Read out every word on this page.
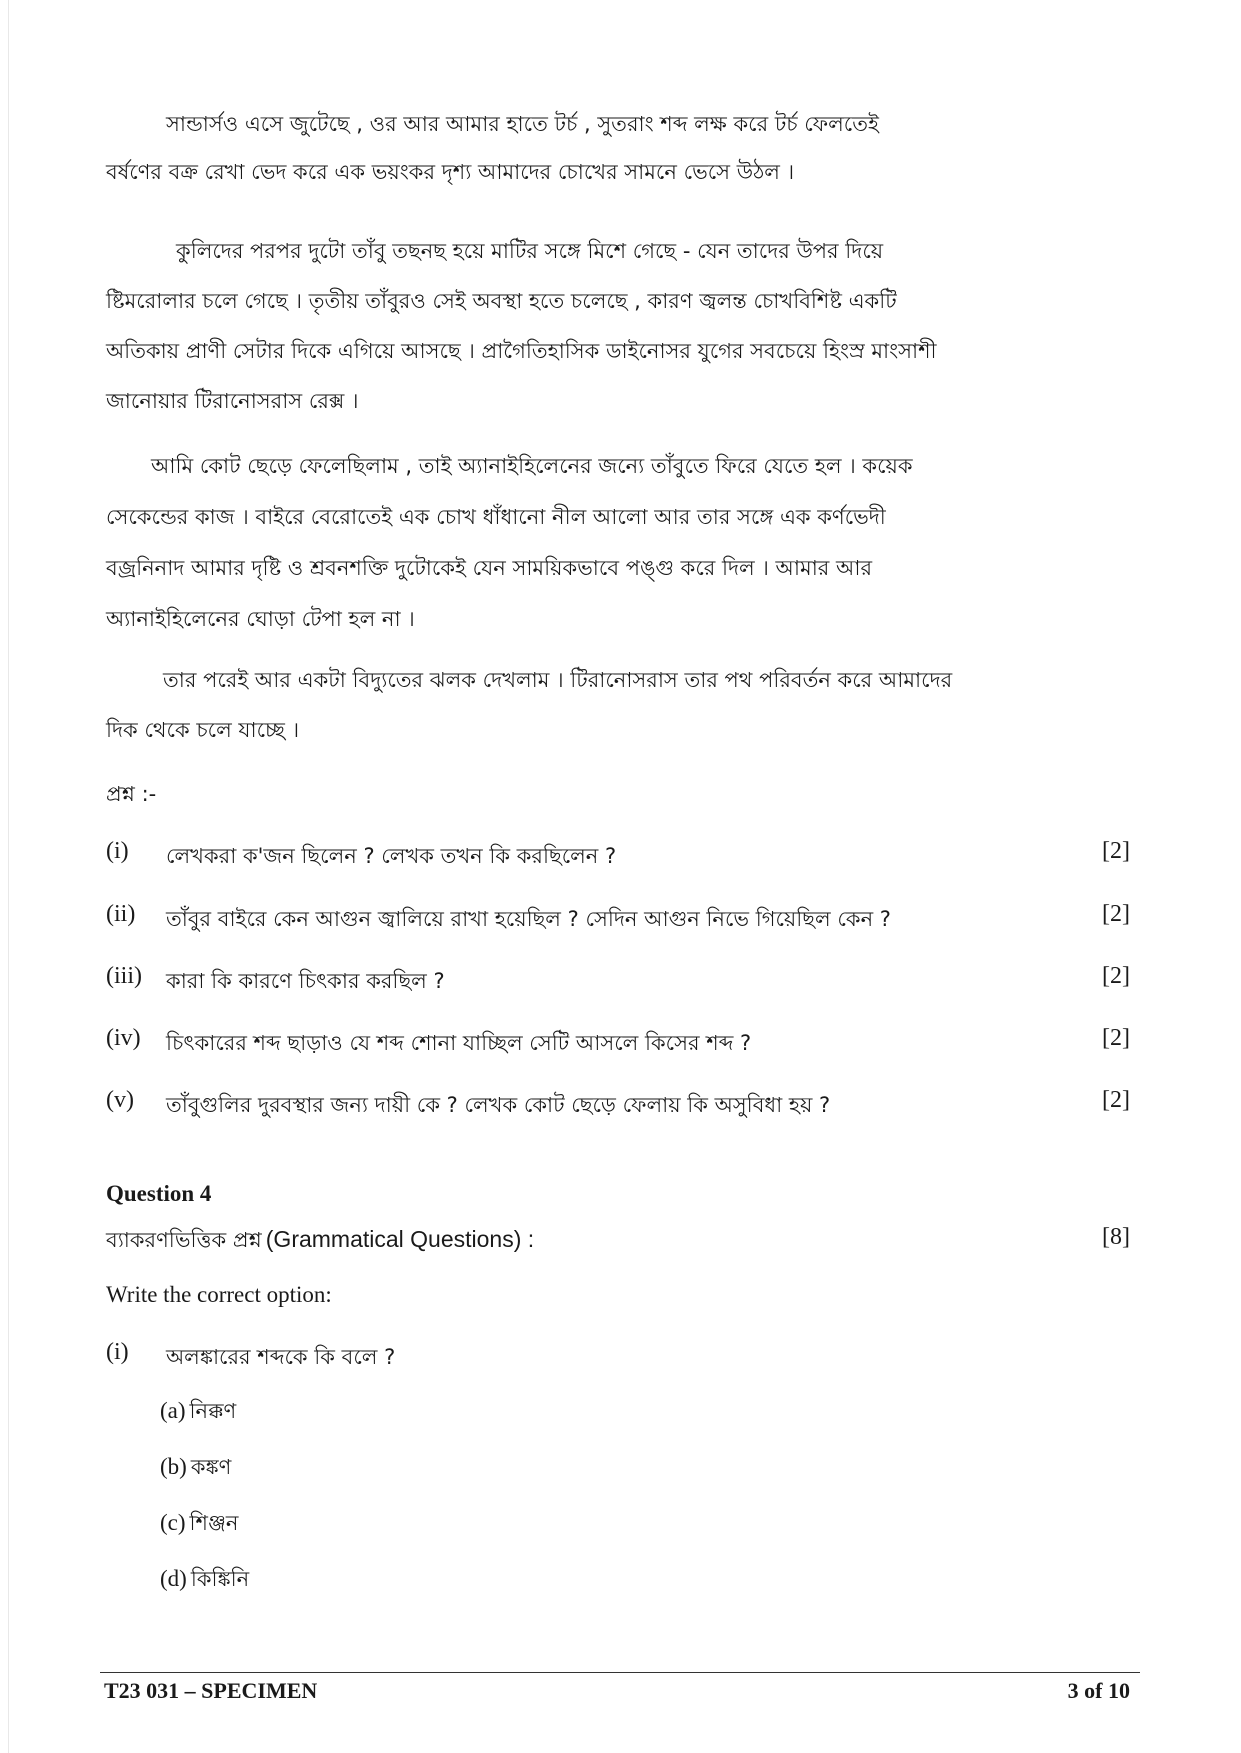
সান্ডার্সও এসে জুটেছে , ওর আর আমার হাতে টর্চ , সুতরাং শব্দ লক্ষ করে টর্চ ফেলতেই
বর্ষণের বক্র রেখা ভেদ করে এক ভয়ংকর দৃশ্য আমাদের চোখের সামনে ভেসে উঠল ।
কুলিদের পরপর দুটো তাঁবু তছনছ হয়ে মাটির সঙ্গে মিশে গেছে - যেন তাদের উপর দিয়ে
ষ্টিমরোলার চলে গেছে । তৃতীয় তাঁবুরও সেই অবস্থা হতে চলেছে , কারণ জ্বলন্ত চোখবিশিষ্ট একটি
অতিকায় প্রাণী সেটার দিকে এগিয়ে আসছে । প্রাগৈতিহাসিক ডাইনোসর যুগের সবচেয়ে হিংস্র মাংসাশী
জানোয়ার টিরানোসরাস রেক্স ।
আমি কোট ছেড়ে ফেলেছিলাম , তাই অ্যানাইহিলেনের জন্যে তাঁবুতে ফিরে যেতে হল । কয়েক
সেকেন্ডের কাজ । বাইরে বেরোতেই এক চোখ ধাঁধানো নীল আলো আর তার সঙ্গে এক কর্ণভেদী
বজ্রনিনাদ আমার দৃষ্টি ও শ্রবনশক্তি দুটোকেই যেন সাময়িকভাবে পঙ্গু করে দিল । আমার আর
অ্যানাইহিলেনের ঘোড়া টেপা হল না ।
তার পরেই আর একটা বিদ্যুতের ঝলক দেখলাম । টিরানোসরাস তার পথ পরিবর্তন করে আমাদের
দিক থেকে চলে যাচ্ছে ।
প্রশ্ন :-
(i) লেখকরা ক'জন ছিলেন ? লেখক তখন কি করছিলেন ?	[2]
(ii) তাঁবুর বাইরে কেন আগুন জ্বালিয়ে রাখা হয়েছিল ? সেদিন আগুন নিভে গিয়েছিল কেন ?	[2]
(iii) কারা কি কারণে চিৎকার করছিল ?	[2]
(iv) চিৎকারের শব্দ ছাড়াও যে শব্দ শোনা যাচ্ছিল সেটি আসলে কিসের শব্দ ?	[2]
(v) তাঁবুগুলির দুরবস্থার জন্য দায়ী কে ? লেখক কোট ছেড়ে ফেলায় কি অসুবিধা হয় ?	[2]
Question 4
ব্যাকরণভিত্তিক প্রশ্ন (Grammatical Questions) :	[8]
Write the correct option:
(i) অলঙ্কারের শব্দকে কি বলে ?
(a) নিক্কণ
(b) কঙ্কণ
(c) শিঞ্জন
(d) কিঙ্কিনি
T23 031 – SPECIMEN	3 of 10
